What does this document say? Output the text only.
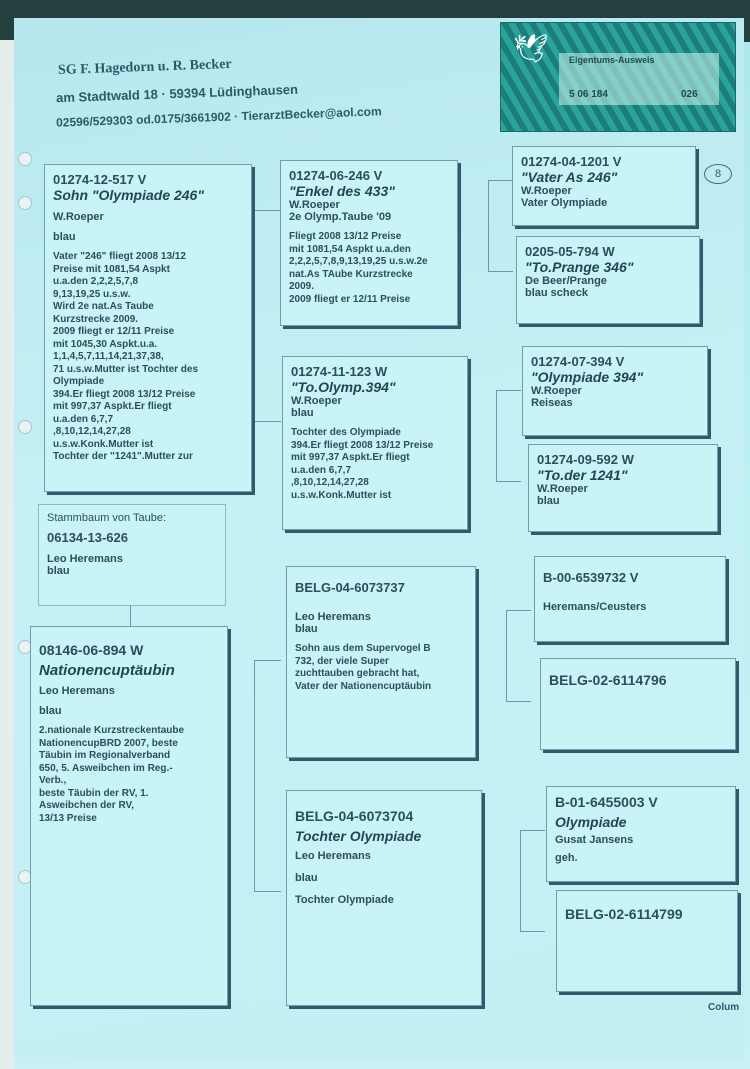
SG F. Hagedorn u. R. Becker
am Stadtwald 18 · 59394 Lüdinghausen
02596/529303 od.0175/3661902 · TierarztBecker@aol.com
🕊 Eigentums-Ausweis
5 06 184	026
8
01274-12-517 V
Sohn "Olympiade 246"
W.Roeper
blau
Vater "246" fliegt 2008 13/12
Preise mit 1081,54 Aspkt
u.a.den 2,2,2,5,7,8
9,13,19,25 u.s.w.
Wird 2e nat.As Taube
Kurzstrecke 2009.
2009 fliegt er 12/11 Preise
mit 1045,30 Aspkt.u.a.
1,1,4,5,7,11,14,21,37,38,
71 u.s.w.Mutter ist Tochter des
Olympiade
394.Er fliegt 2008 13/12 Preise
mit 997,37 Aspkt.Er fliegt
u.a.den 6,7,7
,8,10,12,14,27,28
u.s.w.Konk.Mutter ist
Tochter der "1241".Mutter zur
Stammbaum von Taube:
06134-13-626
Leo Heremans
blau
08146-06-894 W
Nationencuptäubin
Leo Heremans
blau
2.nationale Kurzstreckentaube
NationencupBRD 2007, beste
Täubin im Regionalverband
650, 5. Asweibchen im Reg.-
Verb.,
beste Täubin der RV, 1.
Asweibchen der RV,
13/13 Preise
01274-06-246 V
"Enkel des 433"
W.Roeper
2e Olymp.Taube '09
Fliegt 2008 13/12 Preise
mit 1081,54 Aspkt u.a.den
2,2,2,5,7,8,9,13,19,25 u.s.w.2e
nat.As TAube Kurzstrecke
2009.
2009 fliegt er 12/11 Preise
01274-11-123 W
"To.Olymp.394"
W.Roeper
blau
Tochter des Olympiade
394.Er fliegt 2008 13/12 Preise
mit 997,37 Aspkt.Er fliegt
u.a.den 6,7,7
,8,10,12,14,27,28
u.s.w.Konk.Mutter ist
BELG-04-6073737
Leo Heremans
blau
Sohn aus dem Supervogel B
732, der viele Super
zuchttauben gebracht hat,
Vater der Nationencuptäubin
BELG-04-6073704
Tochter Olympiade
Leo Heremans
blau
Tochter Olympiade
01274-04-1201 V
"Vater As 246"
W.Roeper
Vater Olympiade
0205-05-794 W
"To.Prange 346"
De Beer/Prange
blau scheck
01274-07-394 V
"Olympiade 394"
W.Roeper
Reiseas
01274-09-592 W
"To.der 1241"
W.Roeper
blau
B-00-6539732 V
Heremans/Ceusters
BELG-02-6114796
B-01-6455003 V
Olympiade
Gusat Jansens
geh.
BELG-02-6114799
Colum
